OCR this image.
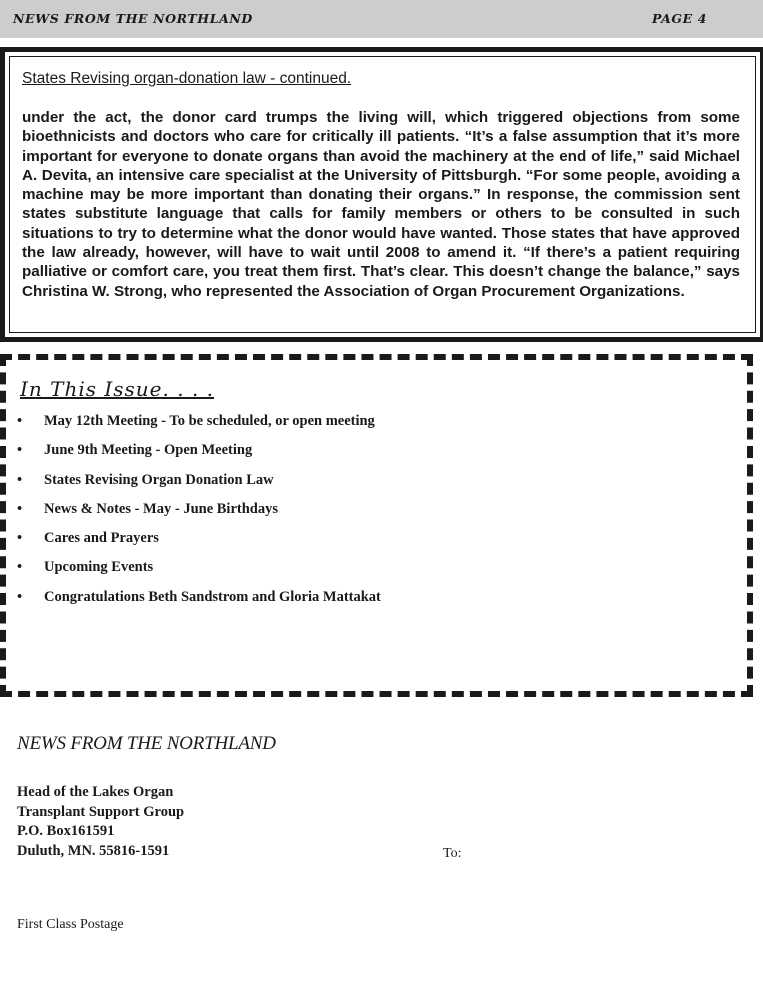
NEWS FROM THE NORTHLAND	PAGE 4
States Revising organ-donation law - continued.

under the act, the donor card trumps the living will, which triggered objections from some bioethnicists and doctors who care for critically ill patients. “It’s a false assumption that it’s more important for everyone to donate organs than avoid the machinery at the end of life,” said Michael A. Devita, an intensive care specialist at the University of Pittsburgh. “For some people, avoiding a machine may be more important than donating their organs.” In response, the commission sent states substitute language that calls for family members or others to be consulted in such situations to try to determine what the donor would have wanted. Those states that have approved the law already, however, will have to wait until 2008 to amend it. “If there’s a patient requiring palliative or comfort care, you treat them first. That’s clear. This doesn’t change the balance,” says Christina W. Strong, who represented the Association of Organ Procurement Organizations.

In This Issue. . . .
• May 12th Meeting - To be scheduled, or open meeting
• June 9th Meeting - Open Meeting
• States Revising Organ Donation Law
• News & Notes - May - June Birthdays
• Cares and Prayers
• Upcoming Events
• Congratulations Beth Sandstrom and Gloria Mattakat
NEWS FROM THE NORTHLAND
Head of the Lakes Organ
Transplant Support Group
P.O. Box161591
Duluth, MN. 55816-1591	To:
First Class Postage
